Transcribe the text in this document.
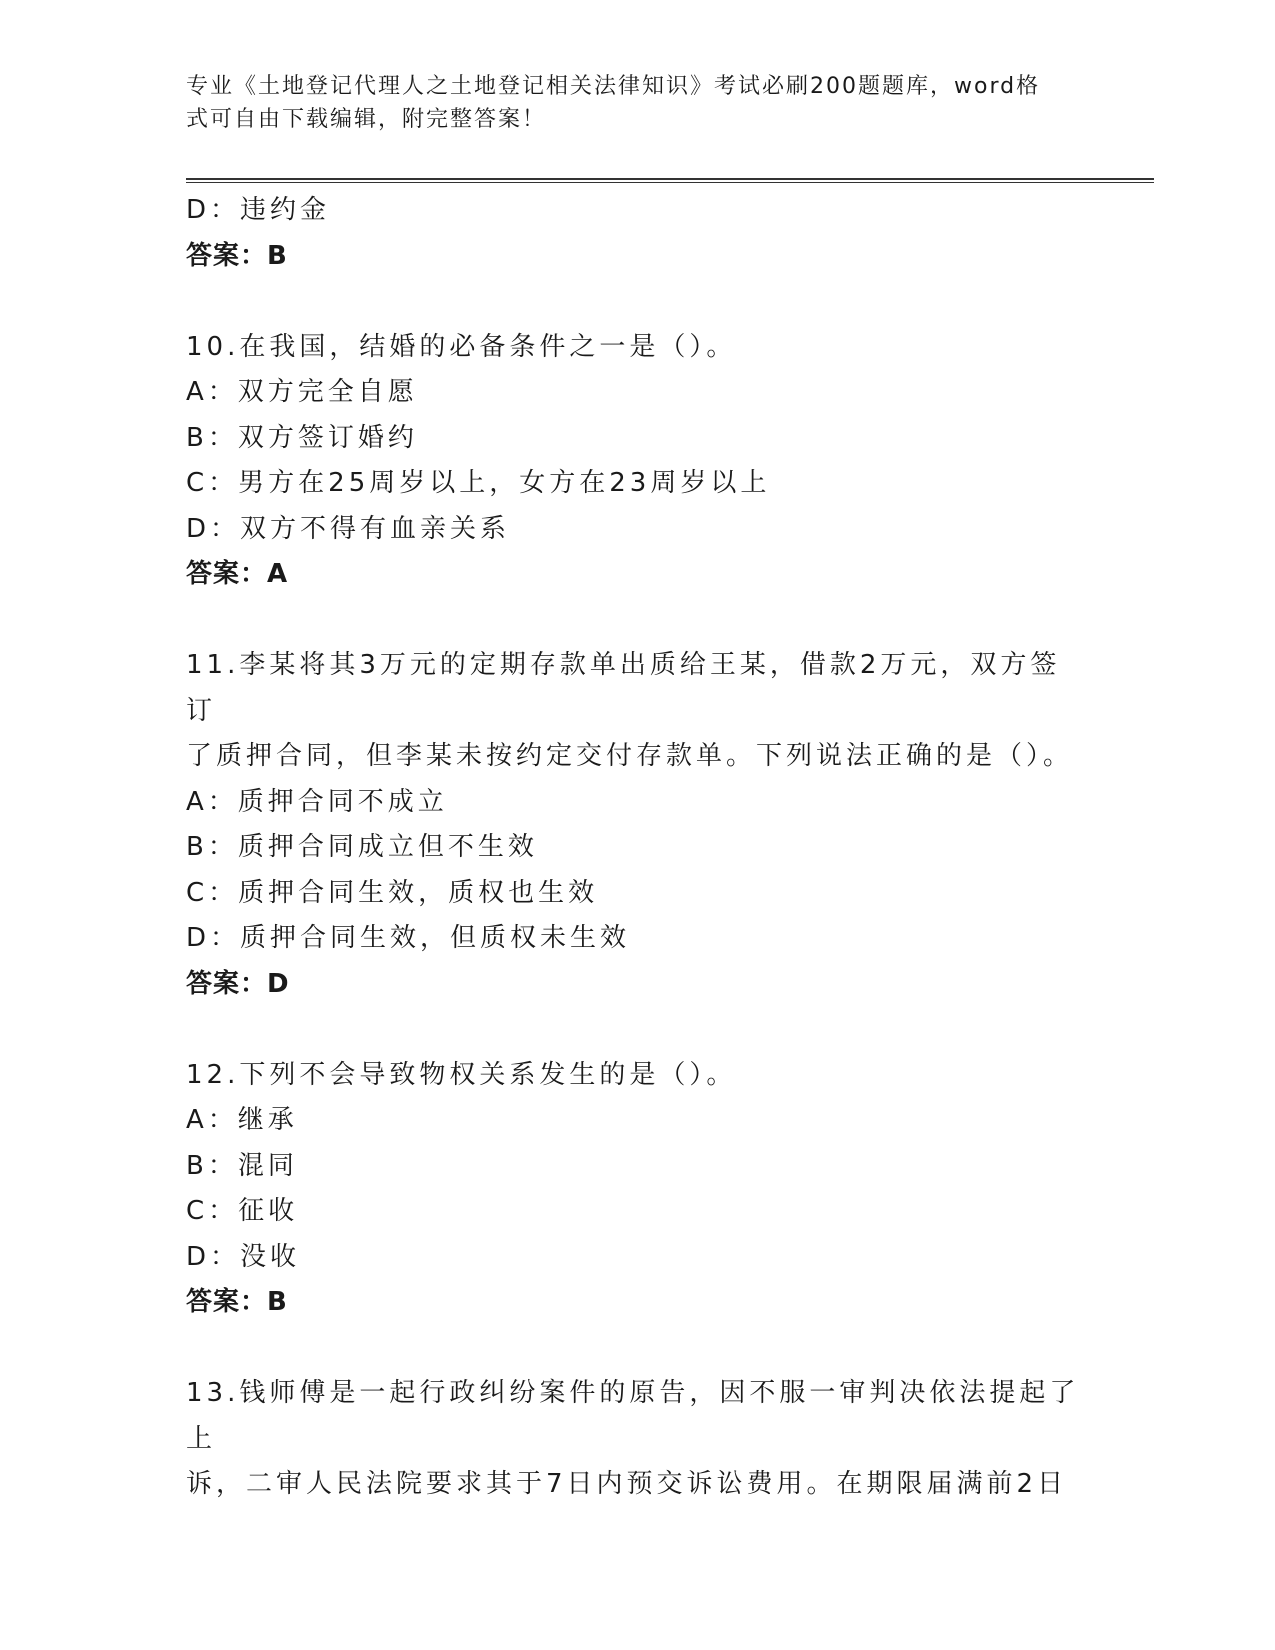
专业《土地登记代理人之土地登记相关法律知识》考试必刷200题题库，word格
式可自由下载编辑，附完整答案！
D：违约金
答案：B
10.在我国，结婚的必备条件之一是（）。
A：双方完全自愿
B：双方签订婚约
C：男方在25周岁以上，女方在23周岁以上
D：双方不得有血亲关系
答案：A
11.李某将其3万元的定期存款单出质给王某，借款2万元，双方签订
了质押合同，但李某未按约定交付存款单。下列说法正确的是（）。
A：质押合同不成立
B：质押合同成立但不生效
C：质押合同生效，质权也生效
D：质押合同生效，但质权未生效
答案：D
12.下列不会导致物权关系发生的是（）。
A：继承
B：混同
C：征收
D：没收
答案：B
13.钱师傅是一起行政纠纷案件的原告，因不服一审判决依法提起了上
诉，二审人民法院要求其于7日内预交诉讼费用。在期限届满前2日
